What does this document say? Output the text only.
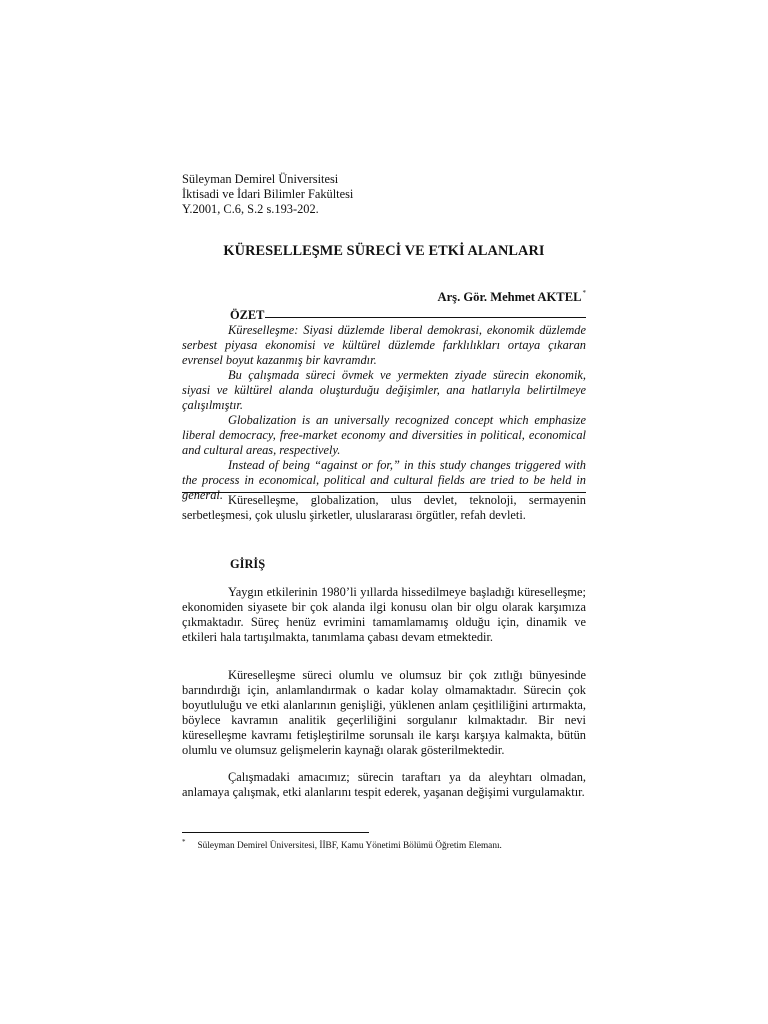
Süleyman Demirel Üniversitesi
İktisadi ve İdari Bilimler Fakültesi
Y.2001, C.6, S.2 s.193-202.
KÜRESELLEŞME SÜRECİ VE ETKİ ALANLARI
Arş. Gör. Mehmet AKTEL*
ÖZET

Küreselleşme: Siyasi düzlemde liberal demokrasi, ekonomik düzlemde serbest piyasa ekonomisi ve kültürel düzlemde farklılıkları ortaya çıkaran evrensel boyut kazanmış bir kavramdır.

Bu çalışmada süreci övmek ve yermekten ziyade sürecin ekonomik, siyasi ve kültürel alanda oluşturduğu değişimler, ana hatlarıyla belirtilmeye çalışılmıştır.

Globalization is an universally recognized concept which emphasize liberal democracy, free-market economy and diversities in political, economical and cultural areas, respectively.

Instead of being “against or for,” in this study changes triggered with the process in economical, political and cultural fields are tried to be held in general. Küreselleşme, globalization, ulus devlet, teknoloji, sermayenin serbetleşmesi, çok uluslu şirketler, uluslararası örgütler, refah devleti.

GİRİŞ

Yaygın etkilerinin 1980’li yıllarda hissedilmeye başladığı küreselleşme; ekonomiden siyasete bir çok alanda ilgi konusu olan bir olgu olarak karşımıza çıkmaktadır. Süreç henüz evrimini tamamlamamış olduğu için, dinamik ve etkileri hala tartışılmakta, tanımlama çabası devam etmektedir.

Küreselleşme süreci olumlu ve olumsuz bir çok zıtlığı bünyesinde barındırdığı için, anlamlandırmak o kadar kolay olmamaktadır. Sürecin çok boyutluluğu ve etki alanlarının genişliği, yüklenen anlam çeşitliliğini artırmakta, böylece kavramın analitik geçerliliğini sorgulanır kılmaktadır. Bir nevi küreselleşme kavramı fetişleştirilme sorunsalı ile karşı karşıya kalmakta, bütün olumlu ve olumsuz gelişmelerin kaynağı olarak gösterilmektedir.

Çalışmadaki amacımız; sürecin taraftarı ya da aleyhtarı olmadan, anlamaya çalışmak, etki alanlarını tespit ederek, yaşanan değişimi vurgulamaktır.

* Süleyman Demirel Üniversitesi, İİBF, Kamu Yönetimi Bölümü Öğretim Elemanı.
